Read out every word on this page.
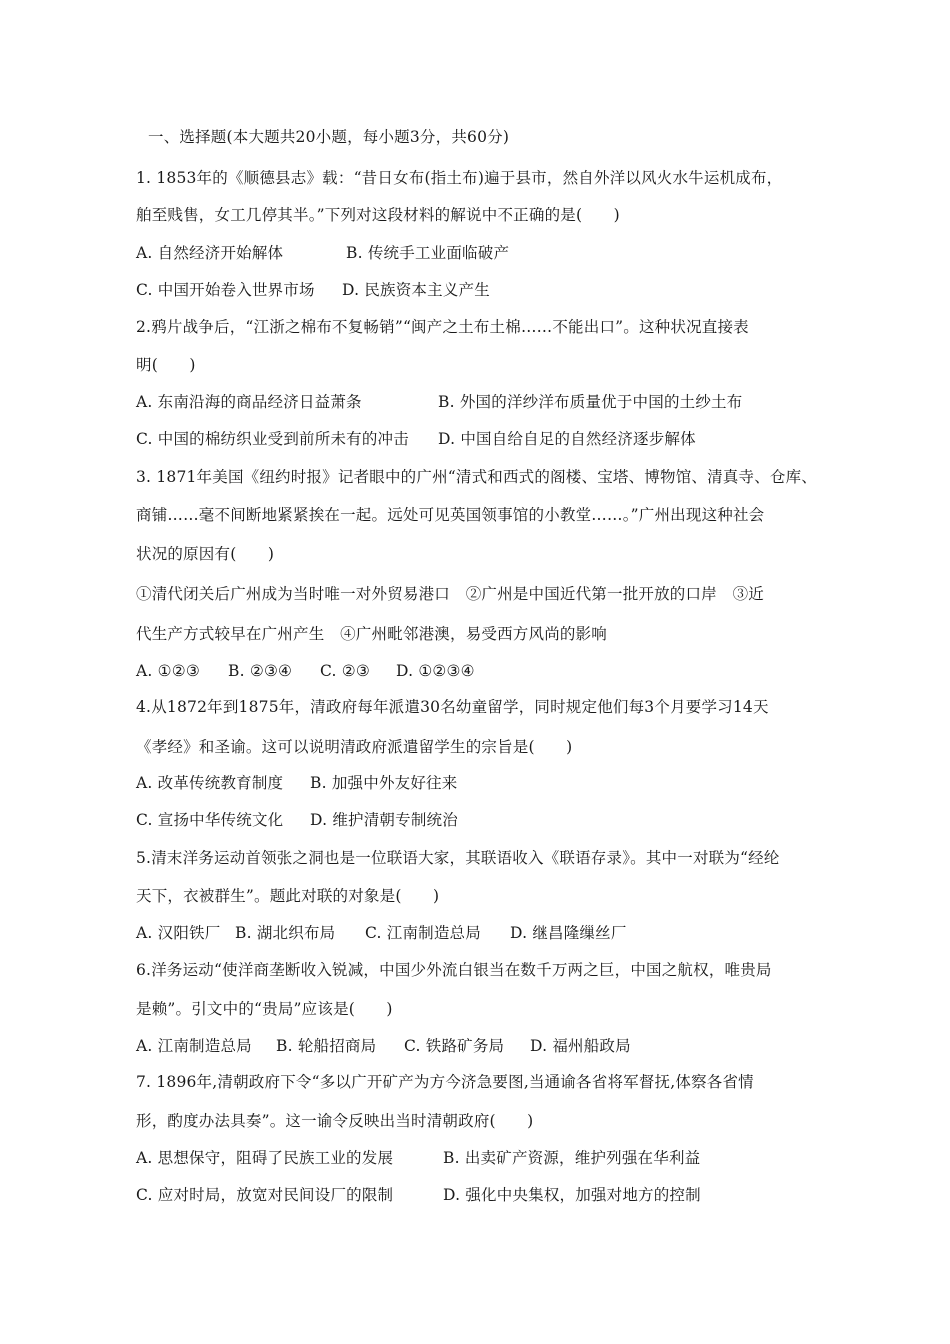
一、选择题(本大题共20小题，每小题3分，共60分)
1. 1853年的《顺德县志》载：“昔日女布(指土布)遍于县市，然自外洋以风火水牛运机成布，
舶至贱售，女工几停其半。”下列对这段材料的解说中不正确的是(　　)
A. 自然经济开始解体	B. 传统手工业面临破产
C. 中国开始卷入世界市场 D. 民族资本主义产生
2.鸦片战争后，“江浙之棉布不复畅销”“闽产之土布土棉……不能出口”。这种状况直接表
明(　　)
A. 东南沿海的商品经济日益萧条	B. 外国的洋纱洋布质量优于中国的土纱土布
C. 中国的棉纺织业受到前所未有的冲击 D. 中国自给自足的自然经济逐步解体
3. 1871年美国《纽约时报》记者眼中的广州“清式和西式的阁楼、宝塔、博物馆、清真寺、仓库、
商铺……毫不间断地紧紧挨在一起。远处可见英国领事馆的小教堂……。”广州出现这种社会
状况的原因有(　　)
①清代闭关后广州成为当时唯一对外贸易港口　②广州是中国近代第一批开放的口岸　③近
代生产方式较早在广州产生　④广州毗邻港澳，易受西方风尚的影响
A. ①②③ B. ②③④ C. ②③ D. ①②③④
4.从1872年到1875年，清政府每年派遣30名幼童留学，同时规定他们每3个月要学习14天
《孝经》和圣谕。这可以说明清政府派遣留学生的宗旨是(　　)
A. 改革传统教育制度 B. 加强中外友好往来
C. 宣扬中华传统文化 D. 维护清朝专制统治
5.清末洋务运动首领张之洞也是一位联语大家，其联语收入《联语存录》。其中一对联为“经纶
天下，衣被群生”。题此对联的对象是(　　)
A. 汉阳铁厂 B. 湖北织布局 C. 江南制造总局 D. 继昌隆缫丝厂
6.洋务运动“使洋商垄断收入锐减，中国少外流白银当在数千万两之巨，中国之航权，唯贵局
是赖”。引文中的“贵局”应该是(　　)
A. 江南制造总局 B. 轮船招商局 C. 铁路矿务局 D. 福州船政局
7. 1896年,清朝政府下令“多以广开矿产为方今济急要图,当通谕各省将军督抚,体察各省情
形，酌度办法具奏”。这一谕令反映出当时清朝政府(　　)
A. 思想保守，阻碍了民族工业的发展	B. 出卖矿产资源，维护列强在华利益
C. 应对时局，放宽对民间设厂的限制	D. 强化中央集权，加强对地方的控制
